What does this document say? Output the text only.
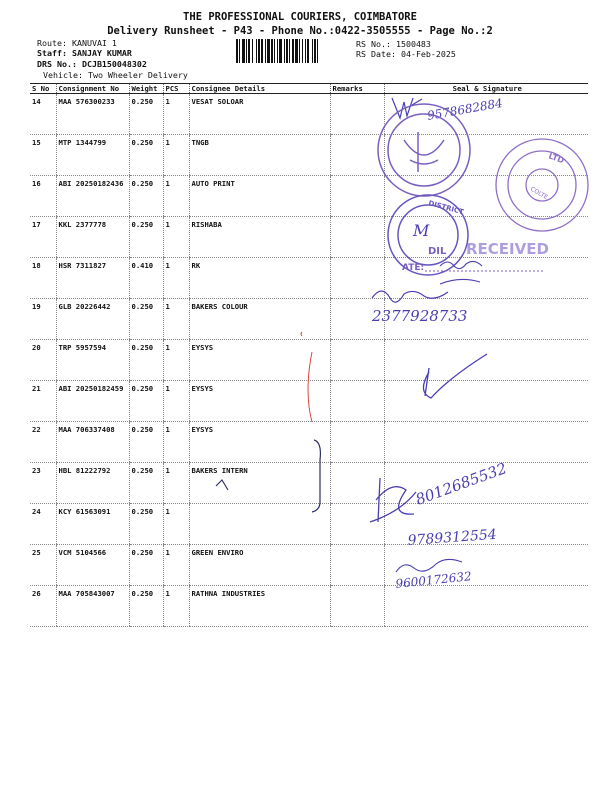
THE PROFESSIONAL COURIERS, COIMBATORE
Delivery Runsheet - P43 - Phone No.:0422-3505555 - Page No.:2
Route: KANUVAI 1
Staff: SANJAY KUMAR
DRS No.: DCJB150048302
Vehicle: Two Wheeler Delivery
RS No.: 1500483
RS Date: 04-Feb-2025
S No	Consignment No	Weight	PCS	Consignee Details	Remarks	Seal & Signature
14	MAA 576300233	0.250	1	VESAT SOLOAR		
15	MTP 1344799	0.250	1	TNGB		
16	ABI 20250182436	0.250	1	AUTO PRINT		
17	KKL 2377778	0.250	1	RISHABA		
18	HSR 7311827	0.410	1	RK		
19	GLB 20226442	0.250	1	BAKERS COLOUR		
20	TRP 5957594	0.250	1	EYSYS		
21	ABI 20250182459	0.250	1	EYSYS		
22	MAA 706337408	0.250	1	EYSYS		
23	HBL 81222792	0.250	1	BAKERS INTERN		
24	KCY 61563091	0.250	1			
25	VCM 5104566	0.250	1	GREEN ENVIRO		
26	MAA 705843007	0.250	1	RATHNA INDUSTRIES		
9578682884
LTD
COLTE
DISTRICT
M
DIL RECEIVED
ATE:
2377928733
8012685532
9789312554
9600172632
